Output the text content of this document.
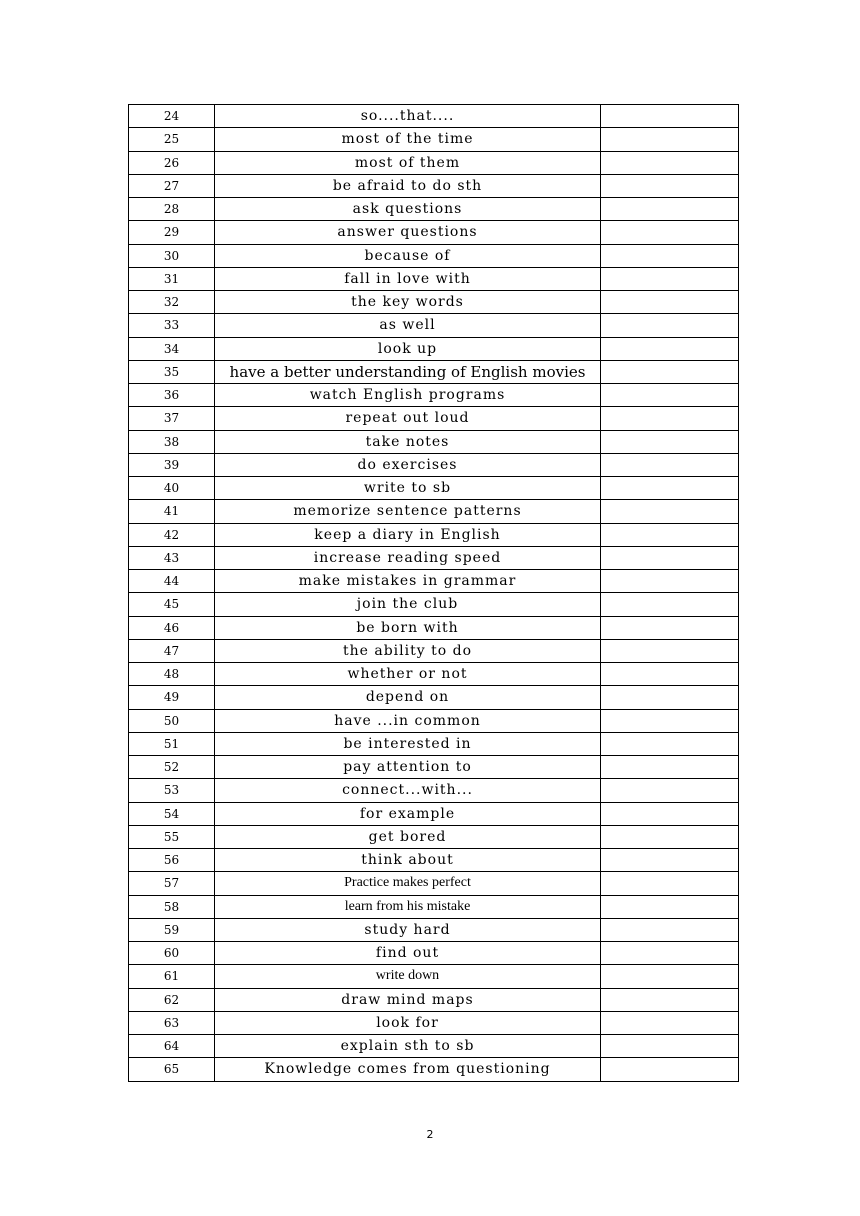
24	so....that....	
25	most of the time	
26	most of them	
27	be afraid to do sth	
28	ask questions	
29	answer questions	
30	because of	
31	fall in love with	
32	the key words	
33	as well	
34	look up	
35	have a better understanding of English movies	
36	watch English programs	
37	repeat out loud	
38	take notes	
39	do exercises	
40	write to sb	
41	memorize sentence patterns	
42	keep a diary in English	
43	increase reading speed	
44	make mistakes in grammar	
45	join the club	
46	be born with	
47	the ability to do	
48	whether or not	
49	depend on	
50	have ...in common	
51	be interested in	
52	pay attention to	
53	connect...with...	
54	for example	
55	get bored	
56	think about	
57	Practice makes perfect	
58	learn from his mistake	
59	study hard	
60	find out	
61	write down	
62	draw mind maps	
63	look for	
64	explain sth to sb	
65	Knowledge comes from questioning	
2
